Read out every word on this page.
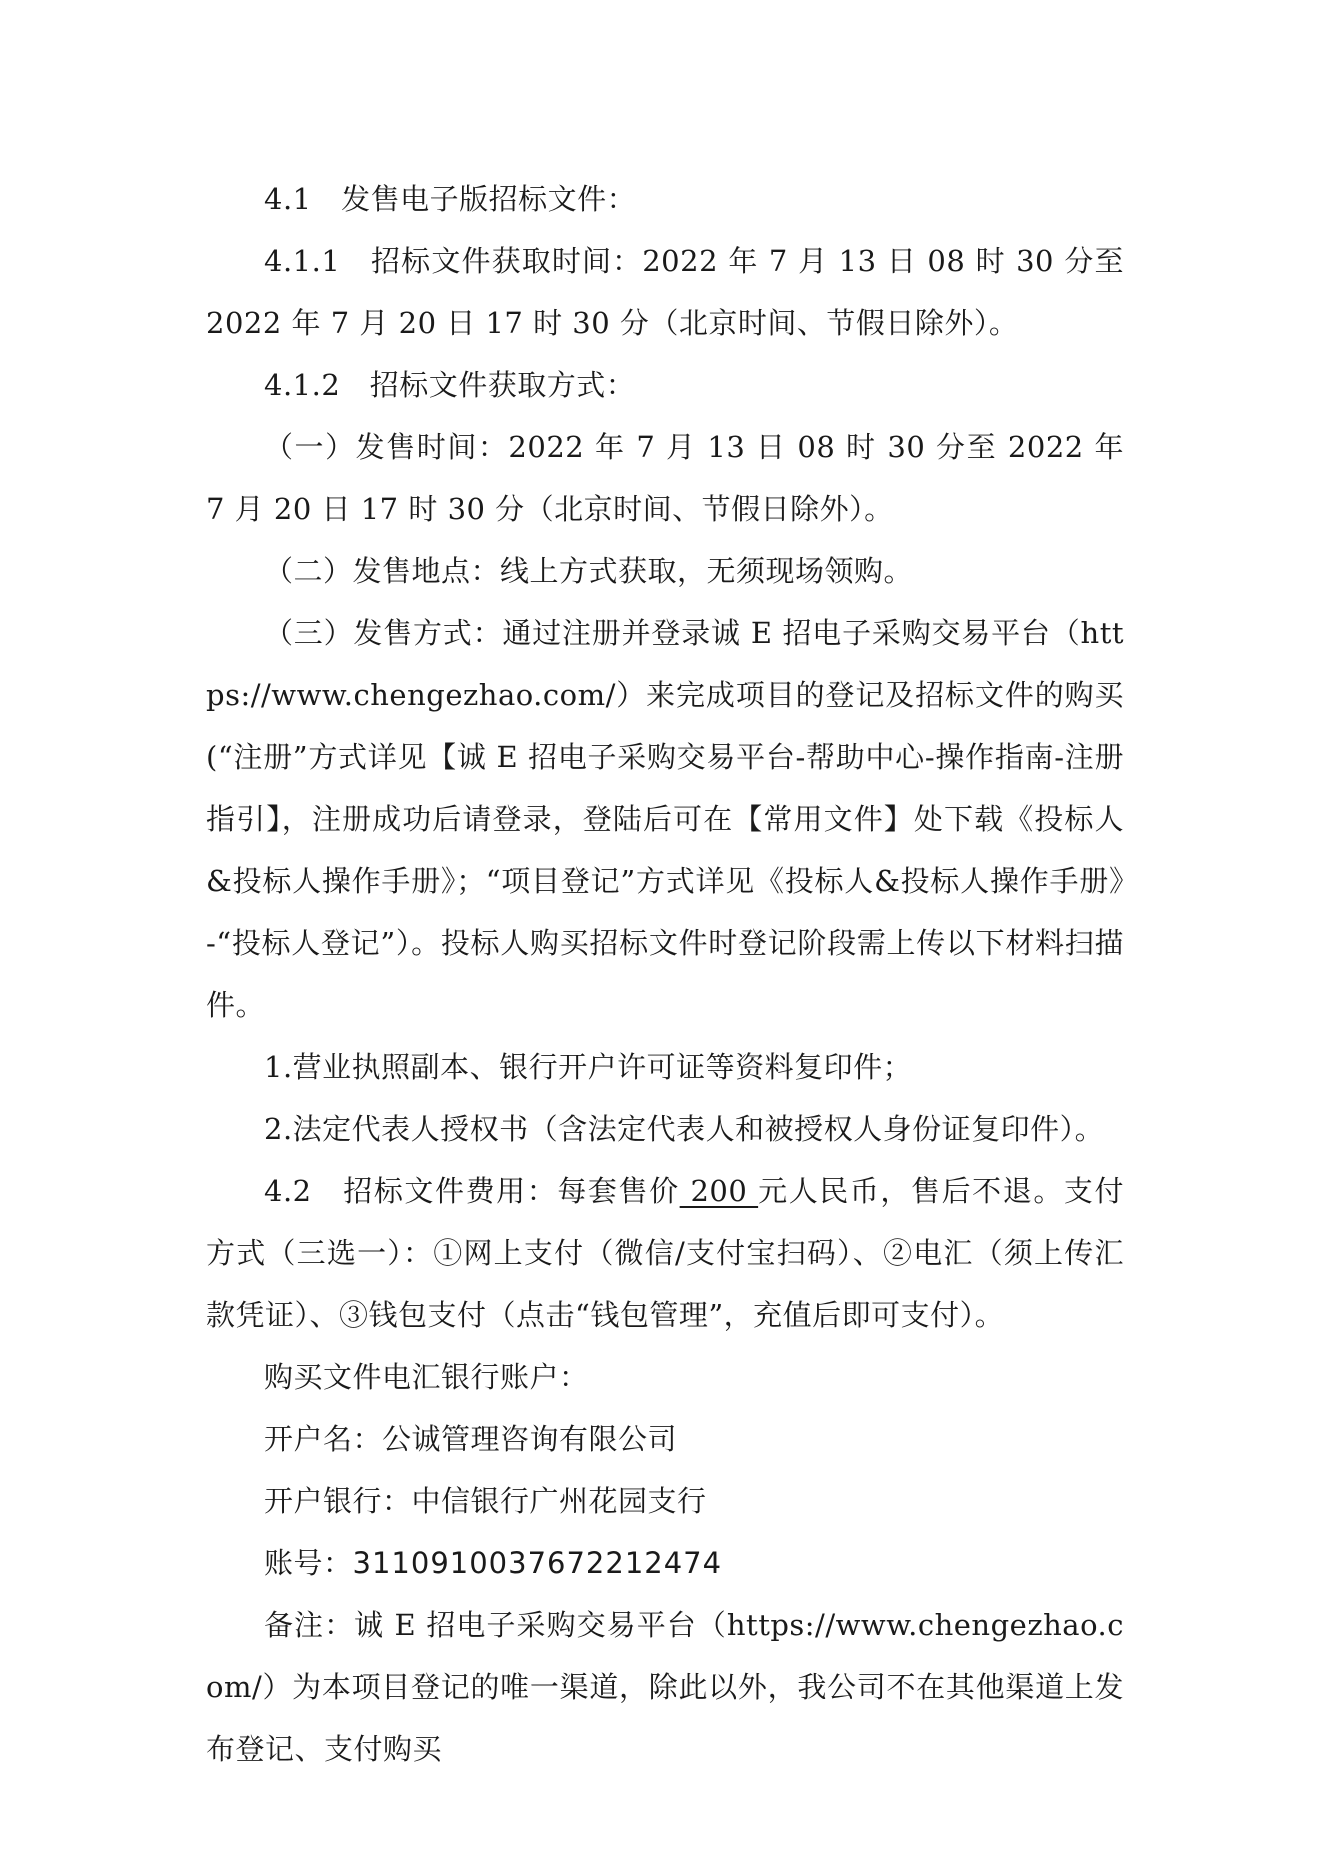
4.1　发售电子版招标文件：

4.1.1　招标文件获取时间：2022 年 7 月 13 日 08 时 30 分至 2022 年 7 月 20 日 17 时 30 分（北京时间、节假日除外）。

4.1.2　招标文件获取方式：

（一）发售时间：2022 年 7 月 13 日 08 时 30 分至 2022 年 7 月 20 日 17 时 30 分（北京时间、节假日除外）。

（二）发售地点：线上方式获取，无须现场领购。

（三）发售方式：通过注册并登录诚 E 招电子采购交易平台（https://www.chengezhao.com/）来完成项目的登记及招标文件的购买(“注册”方式详见【诚 E 招电子采购交易平台-帮助中心-操作指南-注册指引】，注册成功后请登录，登陆后可在【常用文件】处下载《投标人&投标人操作手册》；“项目登记”方式详见《投标人&投标人操作手册》-“投标人登记”）。投标人购买招标文件时登记阶段需上传以下材料扫描件。

1.营业执照副本、银行开户许可证等资料复印件；

2.法定代表人授权书（含法定代表人和被授权人身份证复印件）。

4.2　招标文件费用：每套售价 200 元人民币，售后不退。支付方式（三选一）：①网上支付（微信/支付宝扫码）、②电汇（须上传汇款凭证）、③钱包支付（点击“钱包管理”，充值后即可支付）。

购买文件电汇银行账户：

开户名：公诚管理咨询有限公司

开户银行：中信银行广州花园支行

账号：3110910037672212474

备注：诚 E 招电子采购交易平台（https://www.chengezhao.com/）为本项目登记的唯一渠道，除此以外，我公司不在其他渠道上发布登记、支付购买
